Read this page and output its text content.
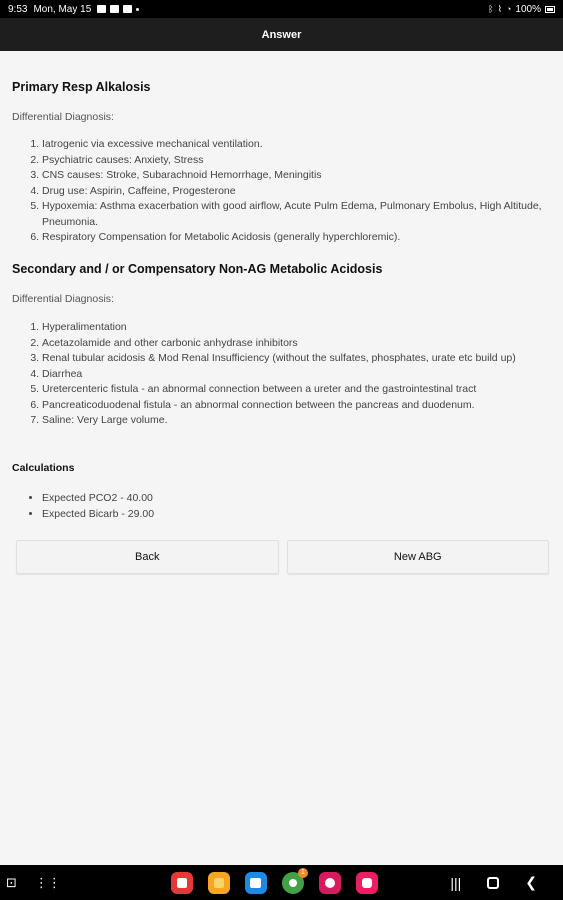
9:53 Mon, May 15	ᛒ ⌇ ◔ 100%
Answer
Primary Resp Alkalosis
Differential Diagnosis:
1. Iatrogenic via excessive mechanical ventilation.
2. Psychiatric causes: Anxiety, Stress
3. CNS causes: Stroke, Subarachnoid Hemorrhage, Meningitis
4. Drug use: Aspirin, Caffeine, Progesterone
5. Hypoxemia: Asthma exacerbation with good airflow, Acute Pulm Edema, Pulmonary Embolus, High Altitude, Pneumonia.
6. Respiratory Compensation for Metabolic Acidosis (generally hyperchloremic).
Secondary and / or Compensatory Non-AG Metabolic Acidosis
Differential Diagnosis:
1. Hyperalimentation
2. Acetazolamide and other carbonic anhydrase inhibitors
3. Renal tubular acidosis & Mod Renal Insufficiency (without the sulfates, phosphates, urate etc build up)
4. Diarrhea
5. Uretercenteric fistula - an abnormal connection between a ureter and the gastrointestinal tract
6. Pancreaticoduodenal fistula - an abnormal connection between the pancreas and duodenum.
7. Saline: Very Large volume.
Calculations
• Expected PCO2 - 40.00
• Expected Bicarb - 29.00
Back	New ABG
⊡ ⋮⋮
1
|||	❮
